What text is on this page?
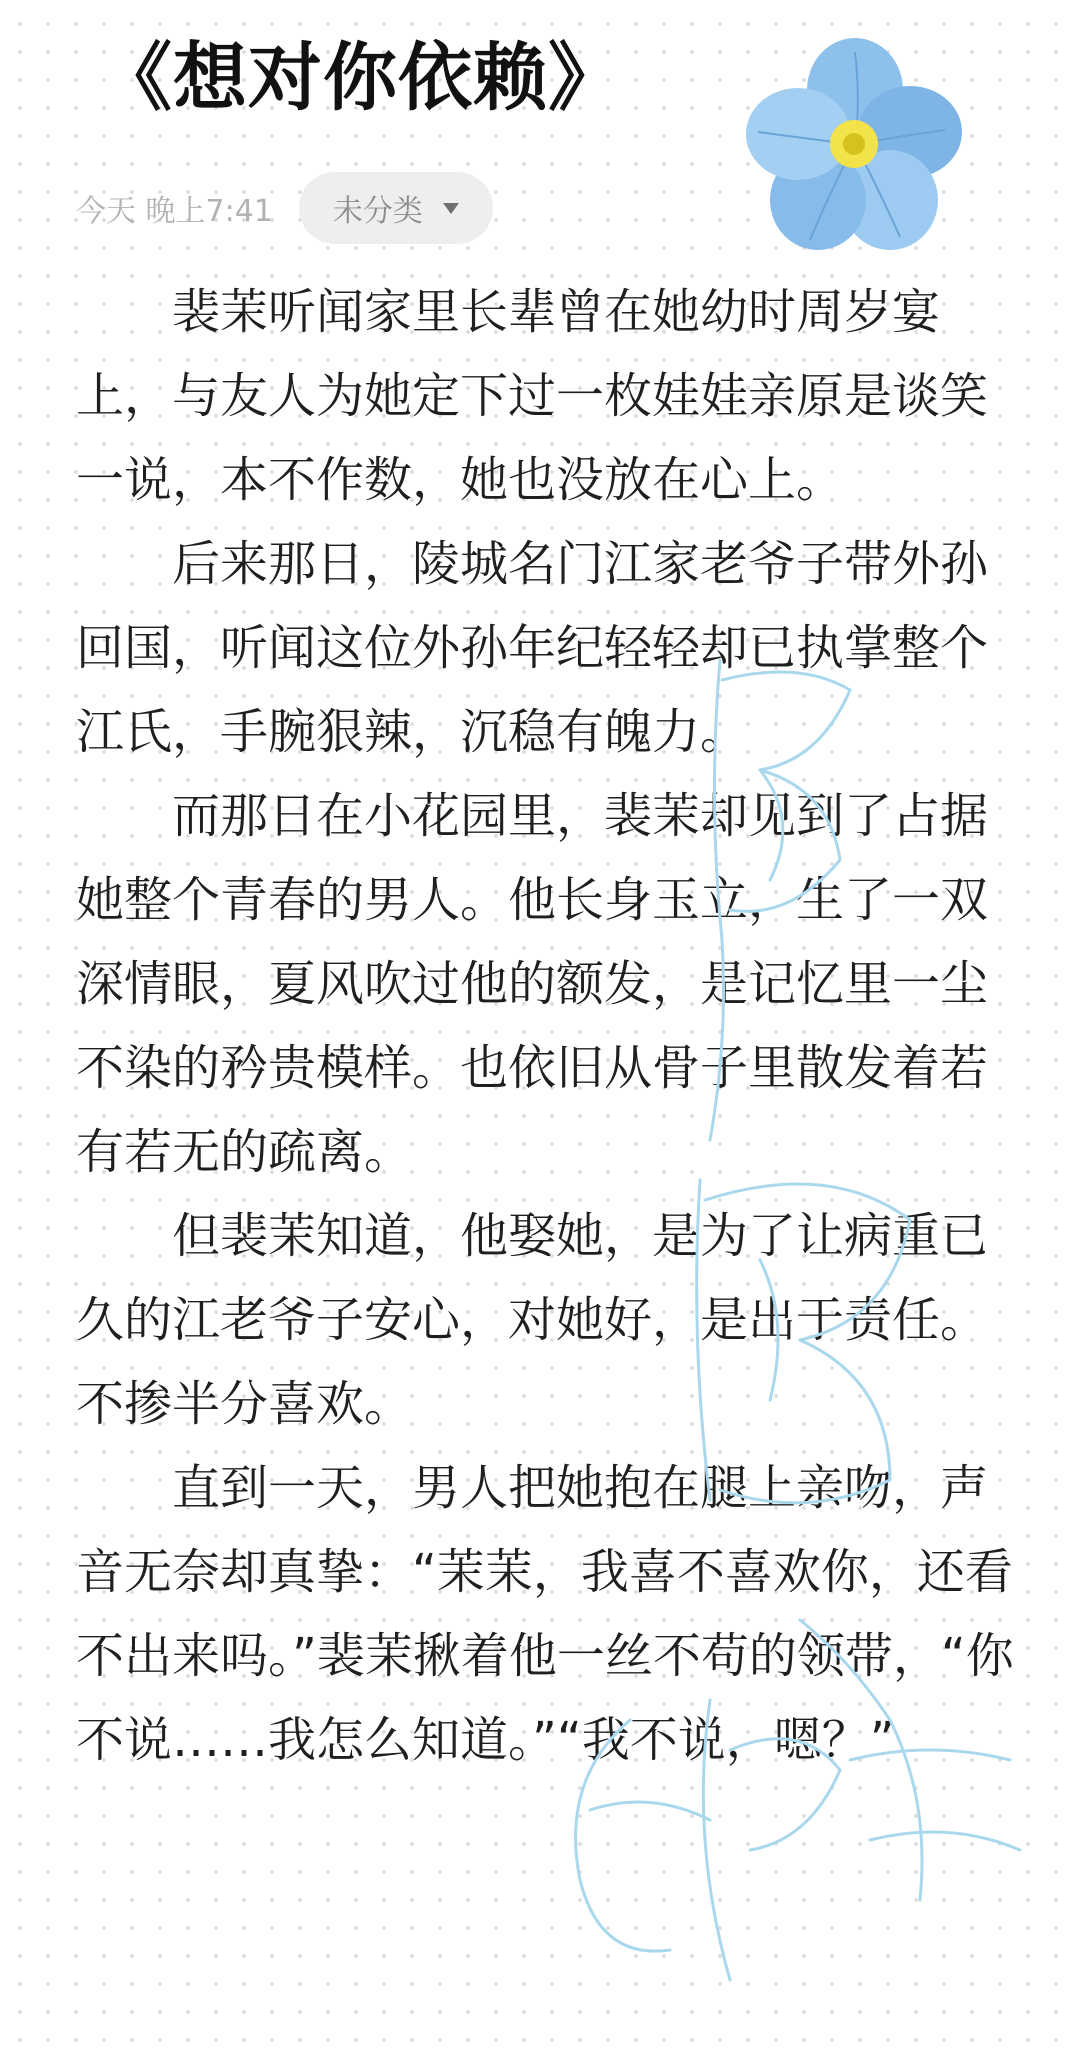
《想对你依赖》
今天 晚上7:41 未分类

裴茉听闻家里长辈曾在她幼时周岁宴上，与友人为她定下过一枚娃娃亲原是谈笑一说，本不作数，她也没放在心上。

后来那日，陵城名门江家老爷子带外孙回国，听闻这位外孙年纪轻轻却已执掌整个江氏，手腕狠辣，沉稳有魄力。

而那日在小花园里，裴茉却见到了占据她整个青春的男人。他长身玉立，生了一双深情眼，夏风吹过他的额发，是记忆里一尘不染的矜贵模样。也依旧从骨子里散发着若有若无的疏离。

但裴茉知道，他娶她，是为了让病重已久的江老爷子安心，对她好，是出于责任。不掺半分喜欢。

直到一天，男人把她抱在腿上亲吻，声音无奈却真挚：“茉茉，我喜不喜欢你，还看不出来吗。”裴茉揪着他一丝不苟的领带，“你不说……我怎么知道。”“我不说，嗯？”
